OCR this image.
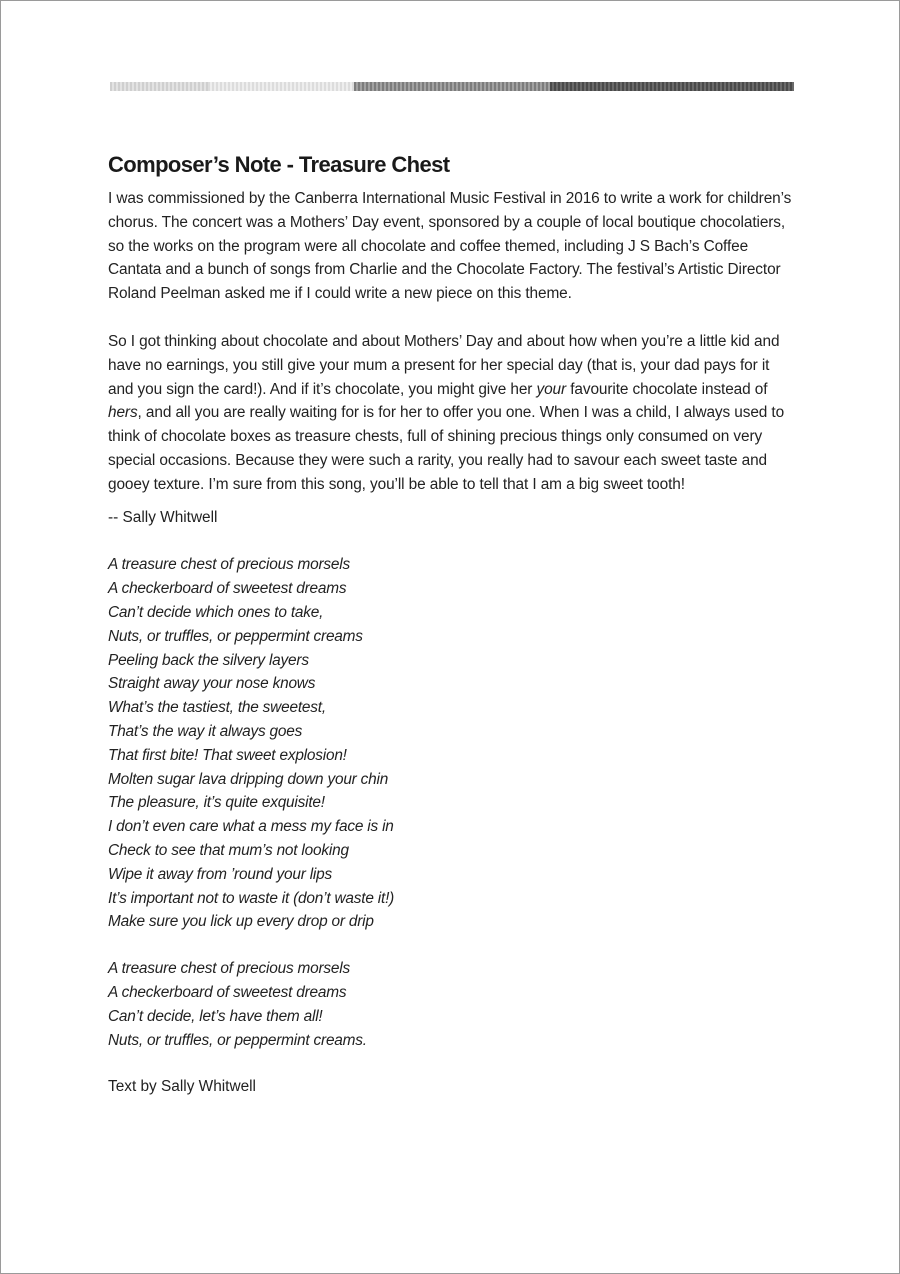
Composer’s Note - Treasure Chest

I was commissioned by the Canberra International Music Festival in 2016 to write a work for children’s chorus. The concert was a Mothers’ Day event, sponsored by a couple of local boutique chocolatiers, so the works on the program were all chocolate and coffee themed, including J S Bach’s Coffee Cantata and a bunch of songs from Charlie and the Chocolate Factory. The festival’s Artistic Director Roland Peelman asked me if I could write a new piece on this theme.

So I got thinking about chocolate and about Mothers’ Day and about how when you’re a little kid and have no earnings, you still give your mum a present for her special day (that is, your dad pays for it and you sign the card!). And if it’s chocolate, you might give her your favourite chocolate instead of hers, and all you are really waiting for is for her to offer you one. When I was a child, I always used to think of chocolate boxes as treasure chests, full of shining precious things only consumed on very special occasions. Because they were such a rarity, you really had to savour each sweet taste and gooey texture. I’m sure from this song, you’ll be able to tell that I am a big sweet tooth!

-- Sally Whitwell

A treasure chest of precious morsels
A checkerboard of sweetest dreams
Can’t decide which ones to take,
Nuts, or truffles, or peppermint creams
Peeling back the silvery layers
Straight away your nose knows
What’s the tastiest, the sweetest,
That’s the way it always goes
That first bite! That sweet explosion!
Molten sugar lava dripping down your chin
The pleasure, it’s quite exquisite!
I don’t even care what a mess my face is in
Check to see that mum’s not looking
Wipe it away from ’round your lips
It’s important not to waste it (don’t waste it!)
Make sure you lick up every drop or drip
A treasure chest of precious morsels
A checkerboard of sweetest dreams
Can’t decide, let’s have them all!
Nuts, or truffles, or peppermint creams.

Text by Sally Whitwell
